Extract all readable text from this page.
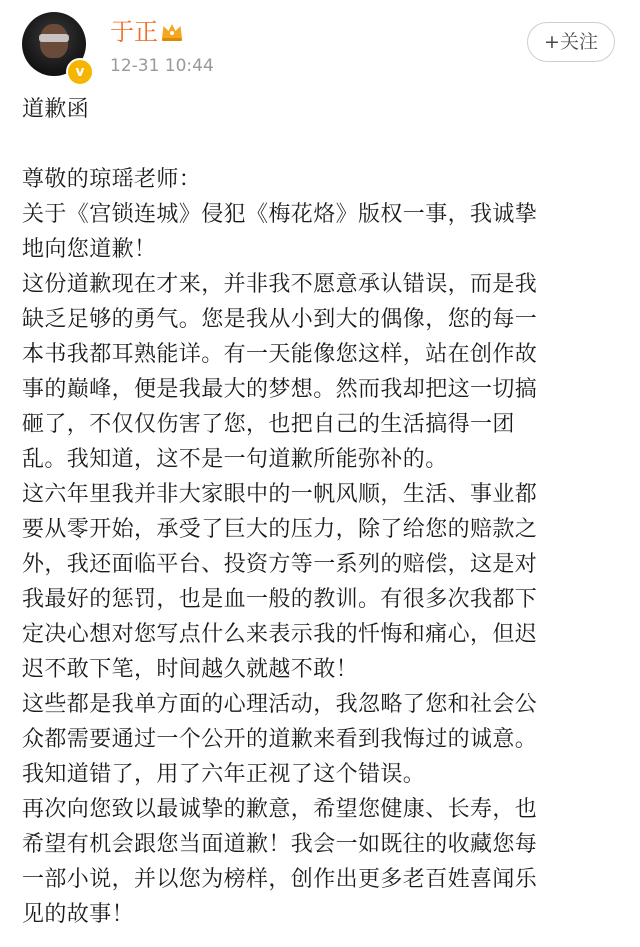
v
于正
12-31 10:44
+关注
道歉函
尊敬的琼瑶老师：
关于《宫锁连城》侵犯《梅花烙》版权一事，我诚挚
地向您道歉！
这份道歉现在才来，并非我不愿意承认错误，而是我
缺乏足够的勇气。您是我从小到大的偶像，您的每一
本书我都耳熟能详。有一天能像您这样，站在创作故
事的巅峰，便是我最大的梦想。然而我却把这一切搞
砸了，不仅仅伤害了您，也把自己的生活搞得一团
乱。我知道，这不是一句道歉所能弥补的。
这六年里我并非大家眼中的一帆风顺，生活、事业都
要从零开始，承受了巨大的压力，除了给您的赔款之
外，我还面临平台、投资方等一系列的赔偿，这是对
我最好的惩罚，也是血一般的教训。有很多次我都下
定决心想对您写点什么来表示我的忏悔和痛心，但迟
迟不敢下笔，时间越久就越不敢！
这些都是我单方面的心理活动，我忽略了您和社会公
众都需要通过一个公开的道歉来看到我悔过的诚意。
我知道错了，用了六年正视了这个错误。
再次向您致以最诚挚的歉意，希望您健康、长寿，也
希望有机会跟您当面道歉！我会一如既往的收藏您每
一部小说，并以您为榜样，创作出更多老百姓喜闻乐
见的故事！
